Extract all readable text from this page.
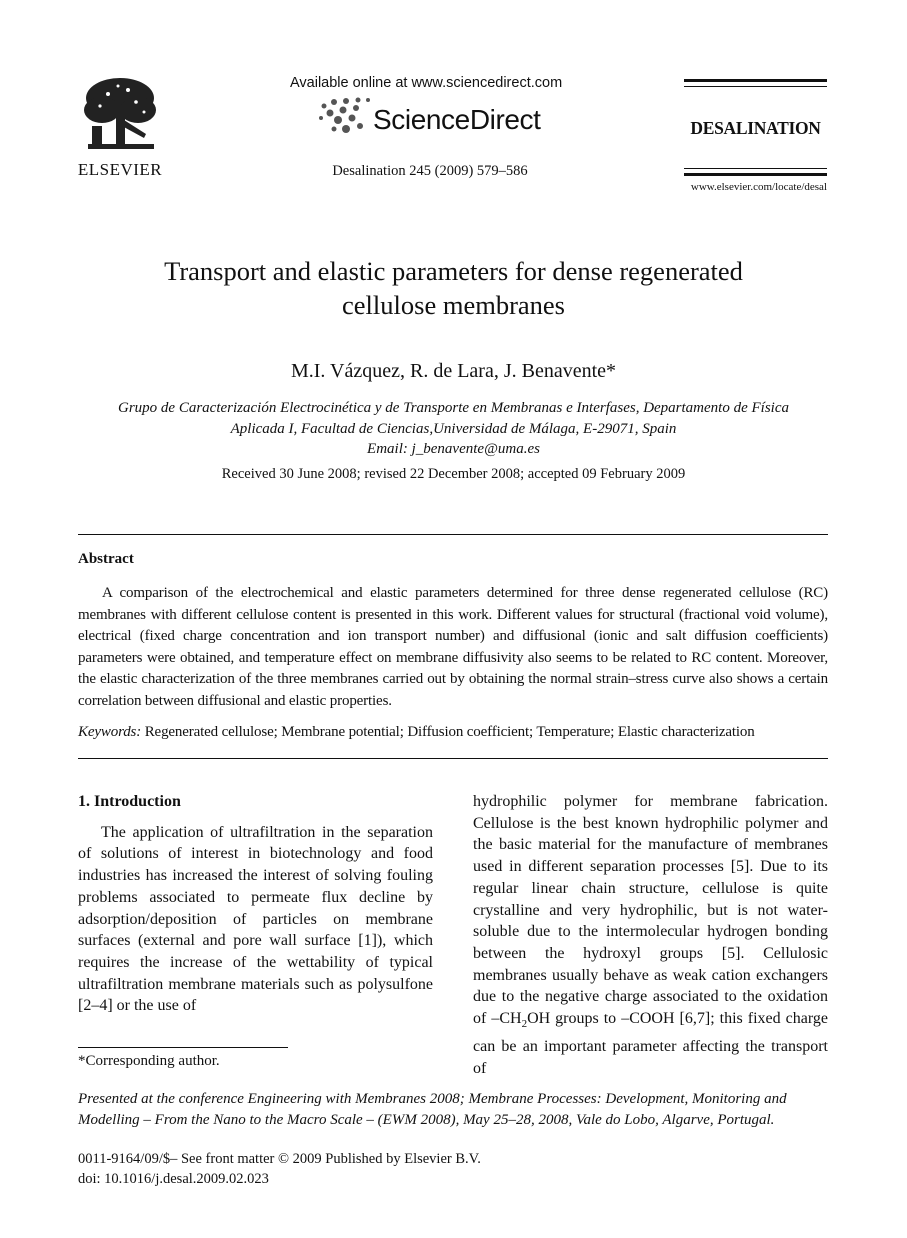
ELSEVIER
Available online at www.sciencedirect.com
ScienceDirect
Desalination 245 (2009) 579–586
DESALINATION
www.elsevier.com/locate/desal
Transport and elastic parameters for dense regenerated
cellulose membranes
M.I. Vázquez, R. de Lara, J. Benavente*
Grupo de Caracterización Electrocinética y de Transporte en Membranas e Interfases, Departamento de Física
Aplicada I, Facultad de Ciencias,Universidad de Málaga, E-29071, Spain
Email: j_benavente@uma.es
Received 30 June 2008; revised 22 December 2008; accepted 09 February 2009
Abstract
A comparison of the electrochemical and elastic parameters determined for three dense regenerated cellulose (RC) membranes with different cellulose content is presented in this work. Different values for structural (fractional void volume), electrical (fixed charge concentration and ion transport number) and diffusional (ionic and salt diffusion coefficients) parameters were obtained, and temperature effect on membrane diffusivity also seems to be related to RC content. Moreover, the elastic characterization of the three membranes carried out by obtaining the normal strain–stress curve also shows a certain correlation between diffusional and elastic properties.
Keywords: Regenerated cellulose; Membrane potential; Diffusion coefficient; Temperature; Elastic characterization
1. Introduction

The application of ultrafiltration in the separation of solutions of interest in biotechnology and food industries has increased the interest of solving fouling problems associated to permeate flux decline by adsorption/deposition of particles on membrane surfaces (external and pore wall surface [1]), which requires the increase of the wettability of typical ultrafiltration membrane materials such as polysulfone [2–4] or the use of

hydrophilic polymer for membrane fabrication. Cellulose is the best known hydrophilic polymer and the basic material for the manufacture of membranes used in different separation processes [5]. Due to its regular linear chain structure, cellulose is quite crystalline and very hydrophilic, but is not water-soluble due to the intermolecular hydrogen bonding between the hydroxyl groups [5]. Cellulosic membranes usually behave as weak cation exchangers due to the negative charge associated to the oxidation of $-CH_2OH$ groups to –COOH [6,7]; this fixed charge can be an important parameter affecting the transport of

*Corresponding author.
Presented at the conference Engineering with Membranes 2008; Membrane Processes: Development, Monitoring and
Modelling – From the Nano to the Macro Scale – (EWM 2008), May 25–28, 2008, Vale do Lobo, Algarve, Portugal.
0011-9164/09/$– See front matter © 2009 Published by Elsevier B.V.
doi: 10.1016/j.desal.2009.02.023
